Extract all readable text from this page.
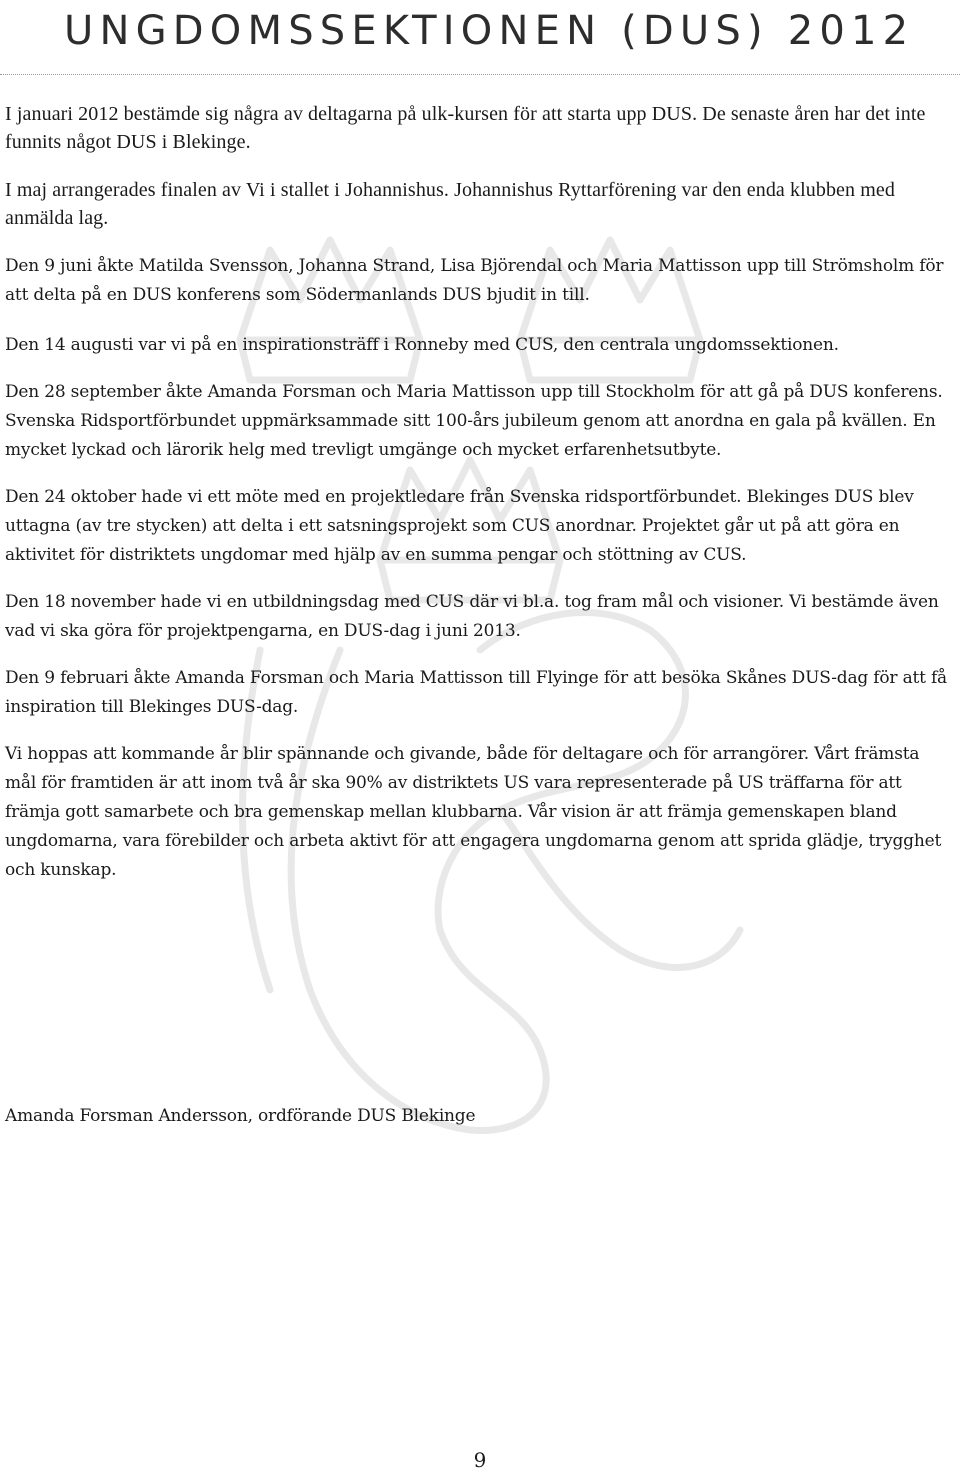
UNGDOMSSEKTIONEN (DUS) 2012

I januari 2012 bestämde sig några av deltagarna på ulk-kursen för att starta upp DUS. De senaste åren har det inte funnits något DUS i Blekinge.

I maj arrangerades finalen av Vi i stallet i Johannishus. Johannishus Ryttarförening var den enda klubben med anmälda lag.

Den 9 juni åkte Matilda Svensson, Johanna Strand, Lisa Björendal och Maria Mattisson upp till Strömsholm för att delta på en DUS konferens som Södermanlands DUS bjudit in till.

Den 14 augusti var vi på en inspirationsträff i Ronneby med CUS, den centrala ungdomssektionen.

Den 28 september åkte Amanda Forsman och Maria Mattisson upp till Stockholm för att gå på DUS konferens. Svenska Ridsportförbundet uppmärksammade sitt 100-års jubileum genom att anordna en gala på kvällen. En mycket lyckad och lärorik helg med trevligt umgänge och mycket erfarenhetsutbyte.

Den 24 oktober hade vi ett möte med en projektledare från Svenska ridsportförbundet. Blekinges DUS blev uttagna (av tre stycken) att delta i ett satsningsprojekt som CUS anordnar. Projektet går ut på att göra en aktivitet för distriktets ungdomar med hjälp av en summa pengar och stöttning av CUS.

Den 18 november hade vi en utbildningsdag med CUS där vi bl.a. tog fram mål och visioner. Vi bestämde även vad vi ska göra för projektpengarna, en DUS-dag i juni 2013.

Den 9 februari åkte Amanda Forsman och Maria Mattisson till Flyinge för att besöka Skånes DUS-dag för att få inspiration till Blekinges DUS-dag.

Vi hoppas att kommande år blir spännande och givande, både för deltagare och för arrangörer. Vårt främsta mål för framtiden är att inom två år ska 90% av distriktets US vara representerade på US träffarna för att främja gott samarbete och bra gemenskap mellan klubbarna. Vår vision är att främja gemenskapen bland ungdomarna, vara förebilder och arbeta aktivt för att engagera ungdomarna genom att sprida glädje, trygghet och kunskap.

Amanda Forsman Andersson, ordförande DUS Blekinge

9
